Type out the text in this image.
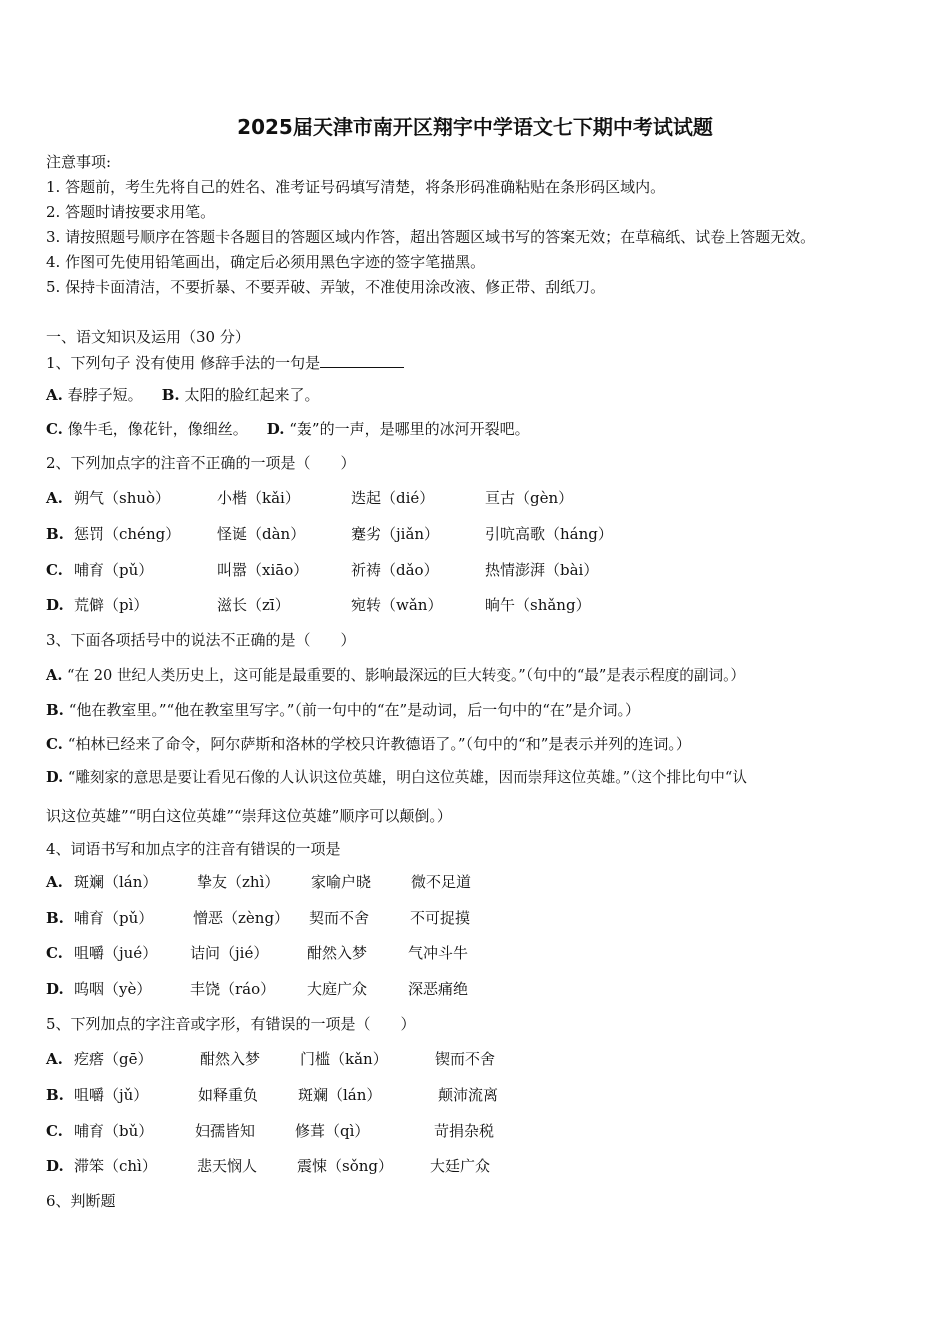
2025届天津市南开区翔宇中学语文七下期中考试试题
注意事项:
1. 答题前，考生先将自己的姓名、准考证号码填写清楚，将条形码准确粘贴在条形码区域内。
2. 答题时请按要求用笔。
3. 请按照题号顺序在答题卡各题目的答题区域内作答，超出答题区域书写的答案无效；在草稿纸、试卷上答题无效。
4. 作图可先使用铅笔画出，确定后必须用黑色字迹的签字笔描黑。
5. 保持卡面清洁，不要折暴、不要弄破、弄皱，不准使用涂改液、修正带、刮纸刀。
一、语文知识及运用（30 分）
1、下列句子 没有使用 修辞手法的一句是
A. 春脖子短。 B. 太阳的脸红起来了。
C. 像牛毛，像花针，像细丝。 D. “轰”的一声，是哪里的冰河开裂吧。
2、下列加点字的注音不正确的一项是（　　）
A. 朔气（shuò）	小楷（kǎi）	迭起（dié）	亘古（gèn）
B. 惩罚（chéng） 怪诞（dàn）	蹇劣（jiǎn）	引吭高歌（háng）
C. 哺育（pǔ）	叫嚣（xiāo）	祈祷（dǎo）	热情澎湃（bài）
D. 荒僻（pì）	滋长（zī）	宛转（wǎn）	晌午（shǎng）
3、下面各项括号中的说法不正确的是（　　）
A. “在 20 世纪人类历史上，这可能是最重要的、影响最深远的巨大转变。”（句中的“最”是表示程度的副词。）
B. “他在教室里。”“他在教室里写字。”（前一句中的“在”是动词，后一句中的“在”是介词。）
C. “柏林已经来了命令，阿尔萨斯和洛林的学校只许教德语了。”（句中的“和”是表示并列的连词。）
D. “雕刻家的意思是要让看见石像的人认识这位英雄，明白这位英雄，因而崇拜这位英雄。”（这个排比句中“认
识这位英雄”“明白这位英雄”“崇拜这位英雄”顺序可以颠倒。）
4、词语书写和加点字的注音有错误的一项是
A. 斑斓（lán）	挚友（zhì） 家喻户晓	微不足道
B. 哺育（pǔ）	憎恶（zèng） 契而不舍	不可捉摸
C. 咀嚼（jué） 诘问（jié）	酣然入梦	气冲斗牛
D. 呜咽（yè）	丰饶（ráo） 大庭广众	深恶痛绝
5、下列加点的字注音或字形，有错误的一项是（　　）
A. 疙瘩（gē）	酣然入梦	门槛（kǎn）	锲而不舍
B. 咀嚼（jǔ）	如释重负	斑斓（lán）	颠沛流离
C. 哺育（bǔ）	妇孺皆知	修葺（qì）	苛捐杂税
D. 滞笨（chì）	悲天悯人	震悚（sǒng） 大廷广众
6、判断题
